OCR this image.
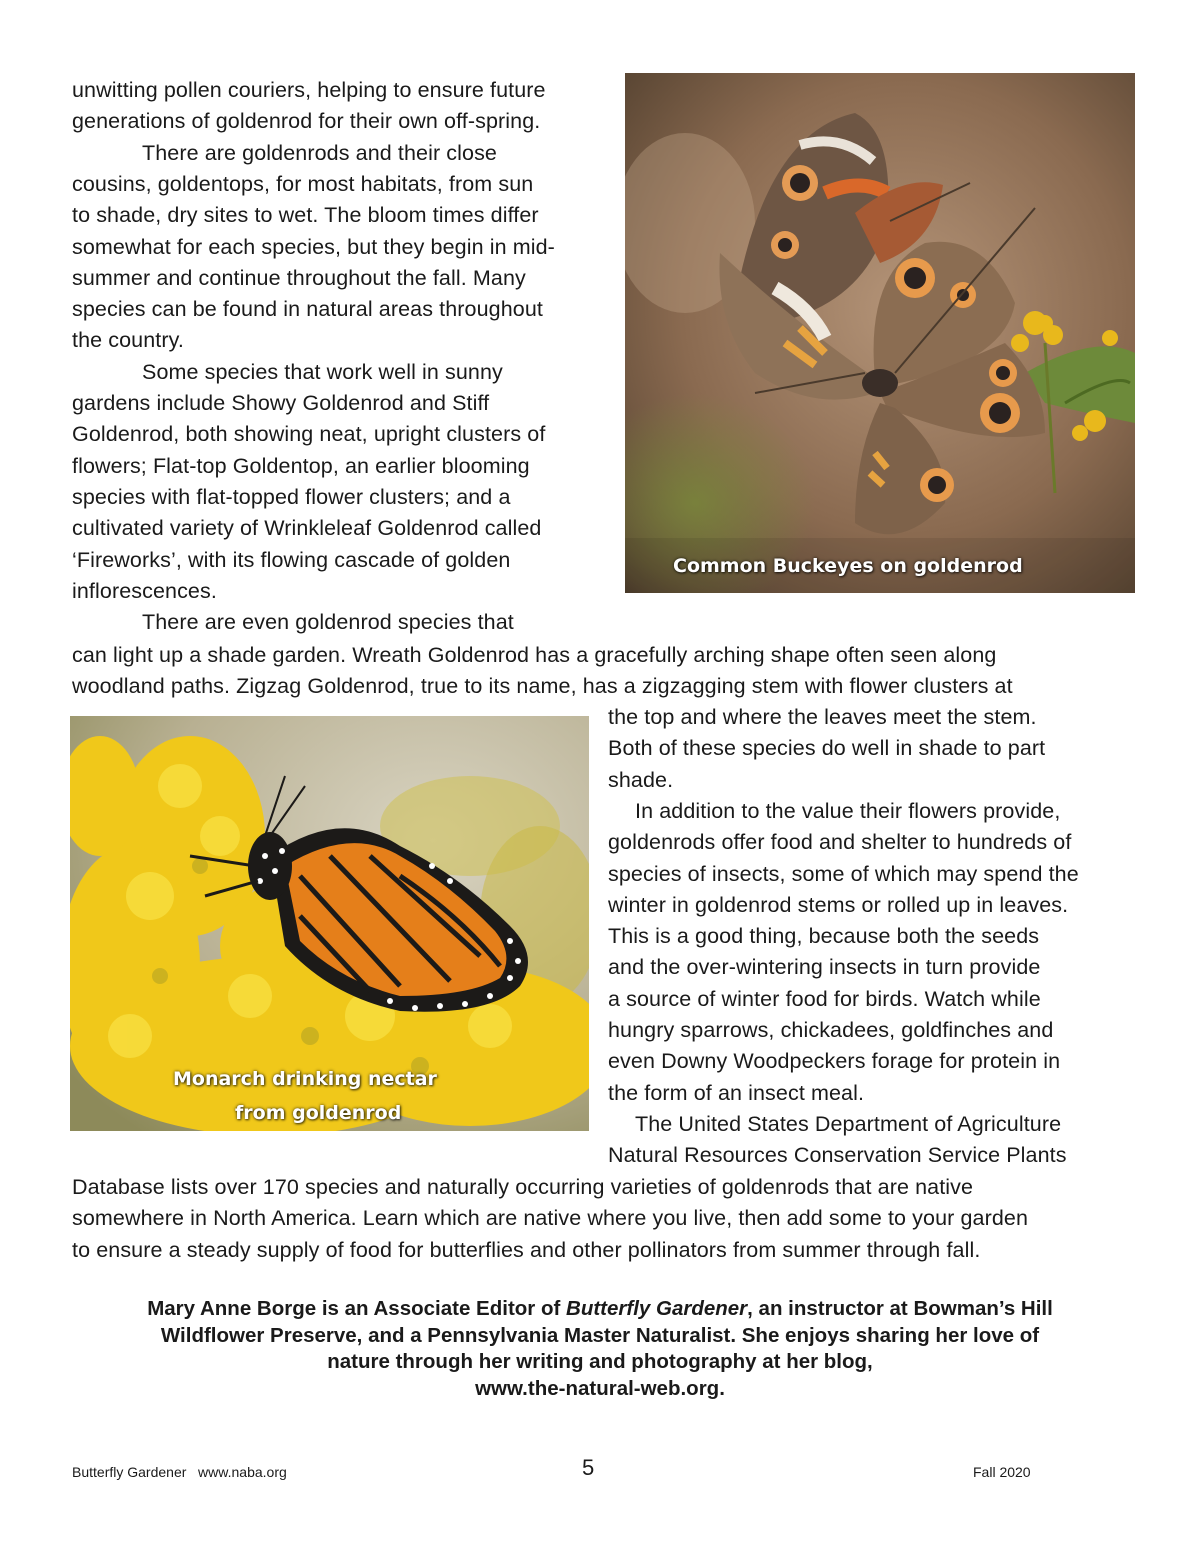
unwitting pollen couriers, helping to ensure future
generations of goldenrod for their own off-spring.
There are goldenrods and their close
cousins, goldentops, for most habitats, from sun
to shade, dry sites to wet. The bloom times differ
somewhat for each species, but they begin in mid-
summer and continue throughout the fall. Many
species can be found in natural areas throughout
the country.
Some species that work well in sunny
gardens include Showy Goldenrod and Stiff
Goldenrod, both showing neat, upright clusters of
flowers; Flat-top Goldentop, an earlier blooming
species with flat-topped flower clusters; and a
cultivated variety of Wrinkleleaf Goldenrod called
‘Fireworks’, with its flowing cascade of golden
inflorescences.
There are even goldenrod species that
Common Buckeyes on goldenrod
can light up a shade garden. Wreath Goldenrod has a gracefully arching shape often seen along
woodland paths. Zigzag Goldenrod, true to its name, has a zigzagging stem with flower clusters at
Monarch drinking nectar
from goldenrod
the top and where the leaves meet the stem.
Both of these species do well in shade to part
shade.
In addition to the value their flowers provide,
goldenrods offer food and shelter to hundreds of
species of insects, some of which may spend the
winter in goldenrod stems or rolled up in leaves.
This is a good thing, because both the seeds
and the over-wintering insects in turn provide
a source of winter food for birds. Watch while
hungry sparrows, chickadees, goldfinches and
even Downy Woodpeckers forage for protein in
the form of an insect meal.
The United States Department of Agriculture
Natural Resources Conservation Service Plants
Database lists over 170 species and naturally occurring varieties of goldenrods that are native
somewhere in North America. Learn which are native where you live, then add some to your garden
to ensure a steady supply of food for butterflies and other pollinators from summer through fall.
Mary Anne Borge is an Associate Editor of Butterfly Gardener, an instructor at Bowman’s Hill
Wildflower Preserve, and a Pennsylvania Master Naturalist. She enjoys sharing her love of
nature through her writing and photography at her blog,
www.the-natural-web.org.
Butterfly Gardener   www.naba.org	5	Fall 2020
